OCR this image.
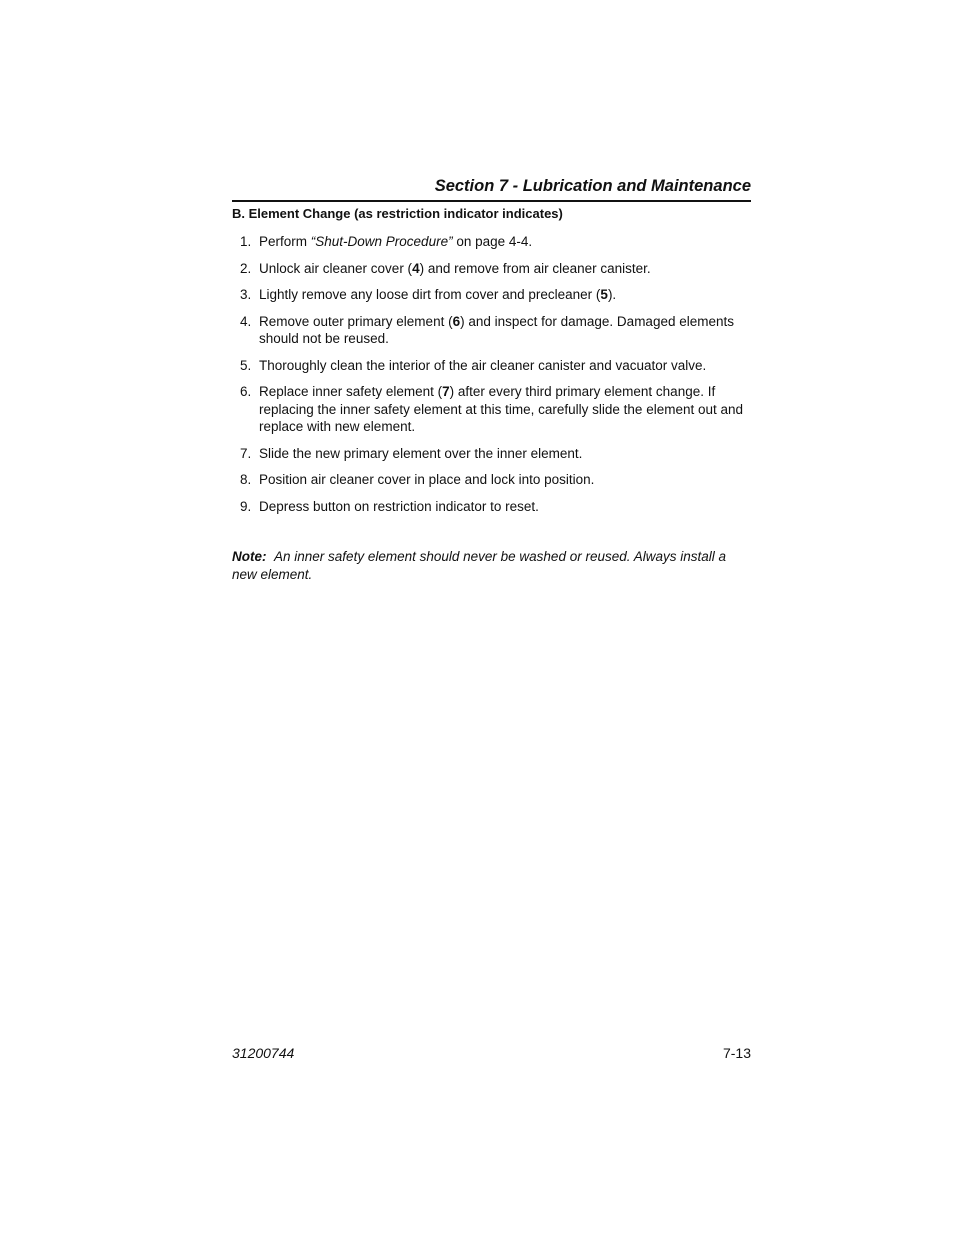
Section 7 - Lubrication and Maintenance
B. Element Change (as restriction indicator indicates)
1. Perform “Shut-Down Procedure” on page 4-4.
2. Unlock air cleaner cover (4) and remove from air cleaner canister.
3. Lightly remove any loose dirt from cover and precleaner (5).
4. Remove outer primary element (6) and inspect for damage. Damaged elements should not be reused.
5. Thoroughly clean the interior of the air cleaner canister and vacuator valve.
6. Replace inner safety element (7) after every third primary element change. If replacing the inner safety element at this time, carefully slide the element out and replace with new element.
7. Slide the new primary element over the inner element.
8. Position air cleaner cover in place and lock into position.
9. Depress button on restriction indicator to reset.
Note: An inner safety element should never be washed or reused. Always install a new element.
31200744	7-13
